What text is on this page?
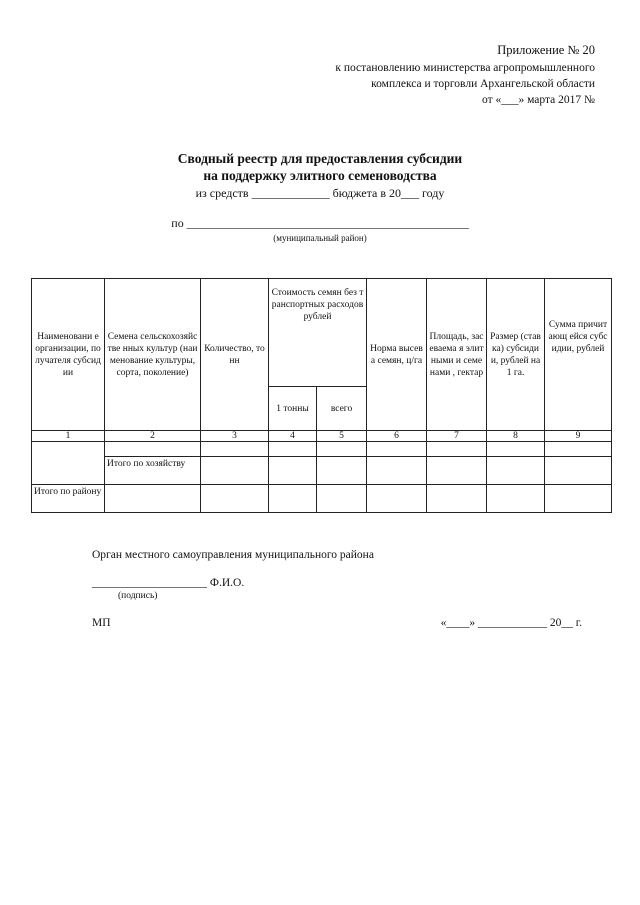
Приложение № 20
к постановлению министерства агропромышленного
комплекса и торговли Архангельской области
от «___» марта 2017 №
Сводный реестр для предоставления субсидии
на поддержку элитного семеноводства
из средств _____________ бюджета в 20___ году
по _______________________________________________
(муниципальный район)
Наименовани е организации, получателя субсидии	Семена сельскохозяйстве нных культур (наименование культуры, сорта, поколение)	Количество, тонн	Стоимость семян без транспортных расходов рублей		Норма высева семян, ц/га	Площадь, засеваема я элитными и семенами , гектар	Размер (ставка) субсидии, рублей на 1 га.	Сумма причитающ ейся субсидии, рублей
			1 тонны	всего				
1	2	3	4	5	6	7	8	9

	Итого по хозяйству							
Итого по району								
Орган местного самоуправления муниципального района
____________________ Ф.И.О.
(подпись)
МП	«____» ____________ 20__ г.
